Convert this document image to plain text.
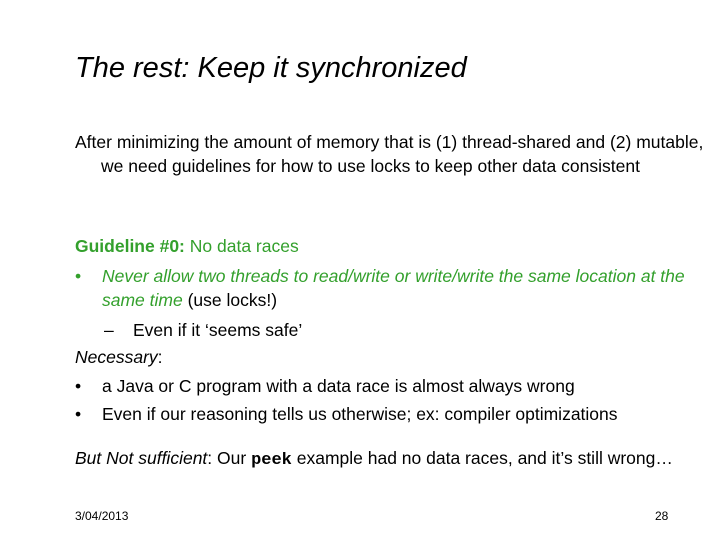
The rest: Keep it synchronized

After minimizing the amount of memory that is (1) thread-shared and (2) mutable, we need guidelines for how to use locks to keep other data consistent

Guideline #0: No data races

• Never allow two threads to read/write or write/write the same location at the same time (use locks!)
– Even if it ‘seems safe’

Necessary:

• a Java or C program with a data race is almost always wrong
• Even if our reasoning tells us otherwise; ex: compiler optimizations

But Not sufficient: Our peek example had no data races, and it’s still wrong…

3/04/2013	28
